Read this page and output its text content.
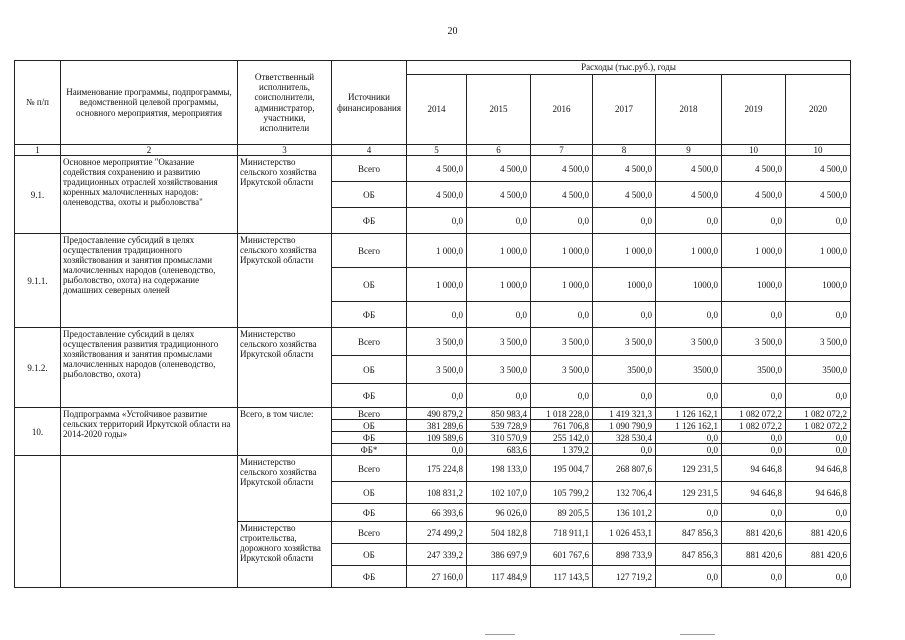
20
№ п/п	Наименование программы, подпрограммы, ведомственной целевой программы, основного мероприятия, мероприятия	Ответственный исполнитель, соисполнители, администратор, участники, исполнители	Источники финансирования	Расходы (тыс.руб.), годы						
				2014	2015	2016	2017	2018	2019	2020
1	2	3	4	5	6	7	8	9	10	10
9.1.	Основное мероприятие "Оказание содействия сохранению и развитию традиционных отраслей хозяйствования коренных малочисленных народов: оленеводства, охоты и рыболовства"	Министерство сельского хозяйства Иркутской области	Всего	4 500,0	4 500,0	4 500,0	4 500,0	4 500,0	4 500,0	4 500,0
			ОБ	4 500,0	4 500,0	4 500,0	4 500,0	4 500,0	4 500,0	4 500,0
			ФБ	0,0	0,0	0,0	0,0	0,0	0,0	0,0
9.1.1.	Предоставление субсидий в целях осуществления традиционного хозяйствования и занятия промыслами малочисленных народов (оленеводство, рыболовство, охота) на содержание домашних северных оленей	Министерство сельского хозяйства Иркутской области	Всего	1 000,0	1 000,0	1 000,0	1 000,0	1 000,0	1 000,0	1 000,0
			ОБ	1 000,0	1 000,0	1 000,0	1000,0	1000,0	1000,0	1000,0
			ФБ	0,0	0,0	0,0	0,0	0,0	0,0	0,0
9.1.2.	Предоставление субсидий в целях осуществления развития традиционного хозяйствования и занятия промыслами малочисленных народов (оленеводство, рыболовство, охота)	Министерство сельского хозяйства Иркутской области	Всего	3 500,0	3 500,0	3 500,0	3 500,0	3 500,0	3 500,0	3 500,0
			ОБ	3 500,0	3 500,0	3 500,0	3500,0	3500,0	3500,0	3500,0
			ФБ	0,0	0,0	0,0	0,0	0,0	0,0	0,0
10.	Подпрограмма «Устойчивое развитие сельских территорий Иркутской области на 2014-2020 годы»	Всего, в том числе:	Всего	490 879,2	850 983,4	1 018 228,0	1 419 321,3	1 126 162,1	1 082 072,2	1 082 072,2
			ОБ	381 289,6	539 728,9	761 706,8	1 090 790,9	1 126 162,1	1 082 072,2	1 082 072,2
			ФБ	109 589,6	310 570,9	255 142,0	328 530,4	0,0	0,0	0,0
			ФБ*	0,0	683,6	1 379,2	0,0	0,0	0,0	0,0
		Министерство сельского хозяйства Иркутской области	Всего	175 224,8	198 133,0	195 004,7	268 807,6	129 231,5	94 646,8	94 646,8
			ОБ	108 831,2	102 107,0	105 799,2	132 706,4	129 231,5	94 646,8	94 646,8
			ФБ	66 393,6	96 026,0	89 205,5	136 101,2	0,0	0,0	0,0
		Министерство строительства, дорожного хозяйства Иркутской области	Всего	274 499,2	504 182,8	718 911,1	1 026 453,1	847 856,3	881 420,6	881 420,6
			ОБ	247 339,2	386 697,9	601 767,6	898 733,9	847 856,3	881 420,6	881 420,6
			ФБ	27 160,0	117 484,9	117 143,5	127 719,2	0,0	0,0	0,0
